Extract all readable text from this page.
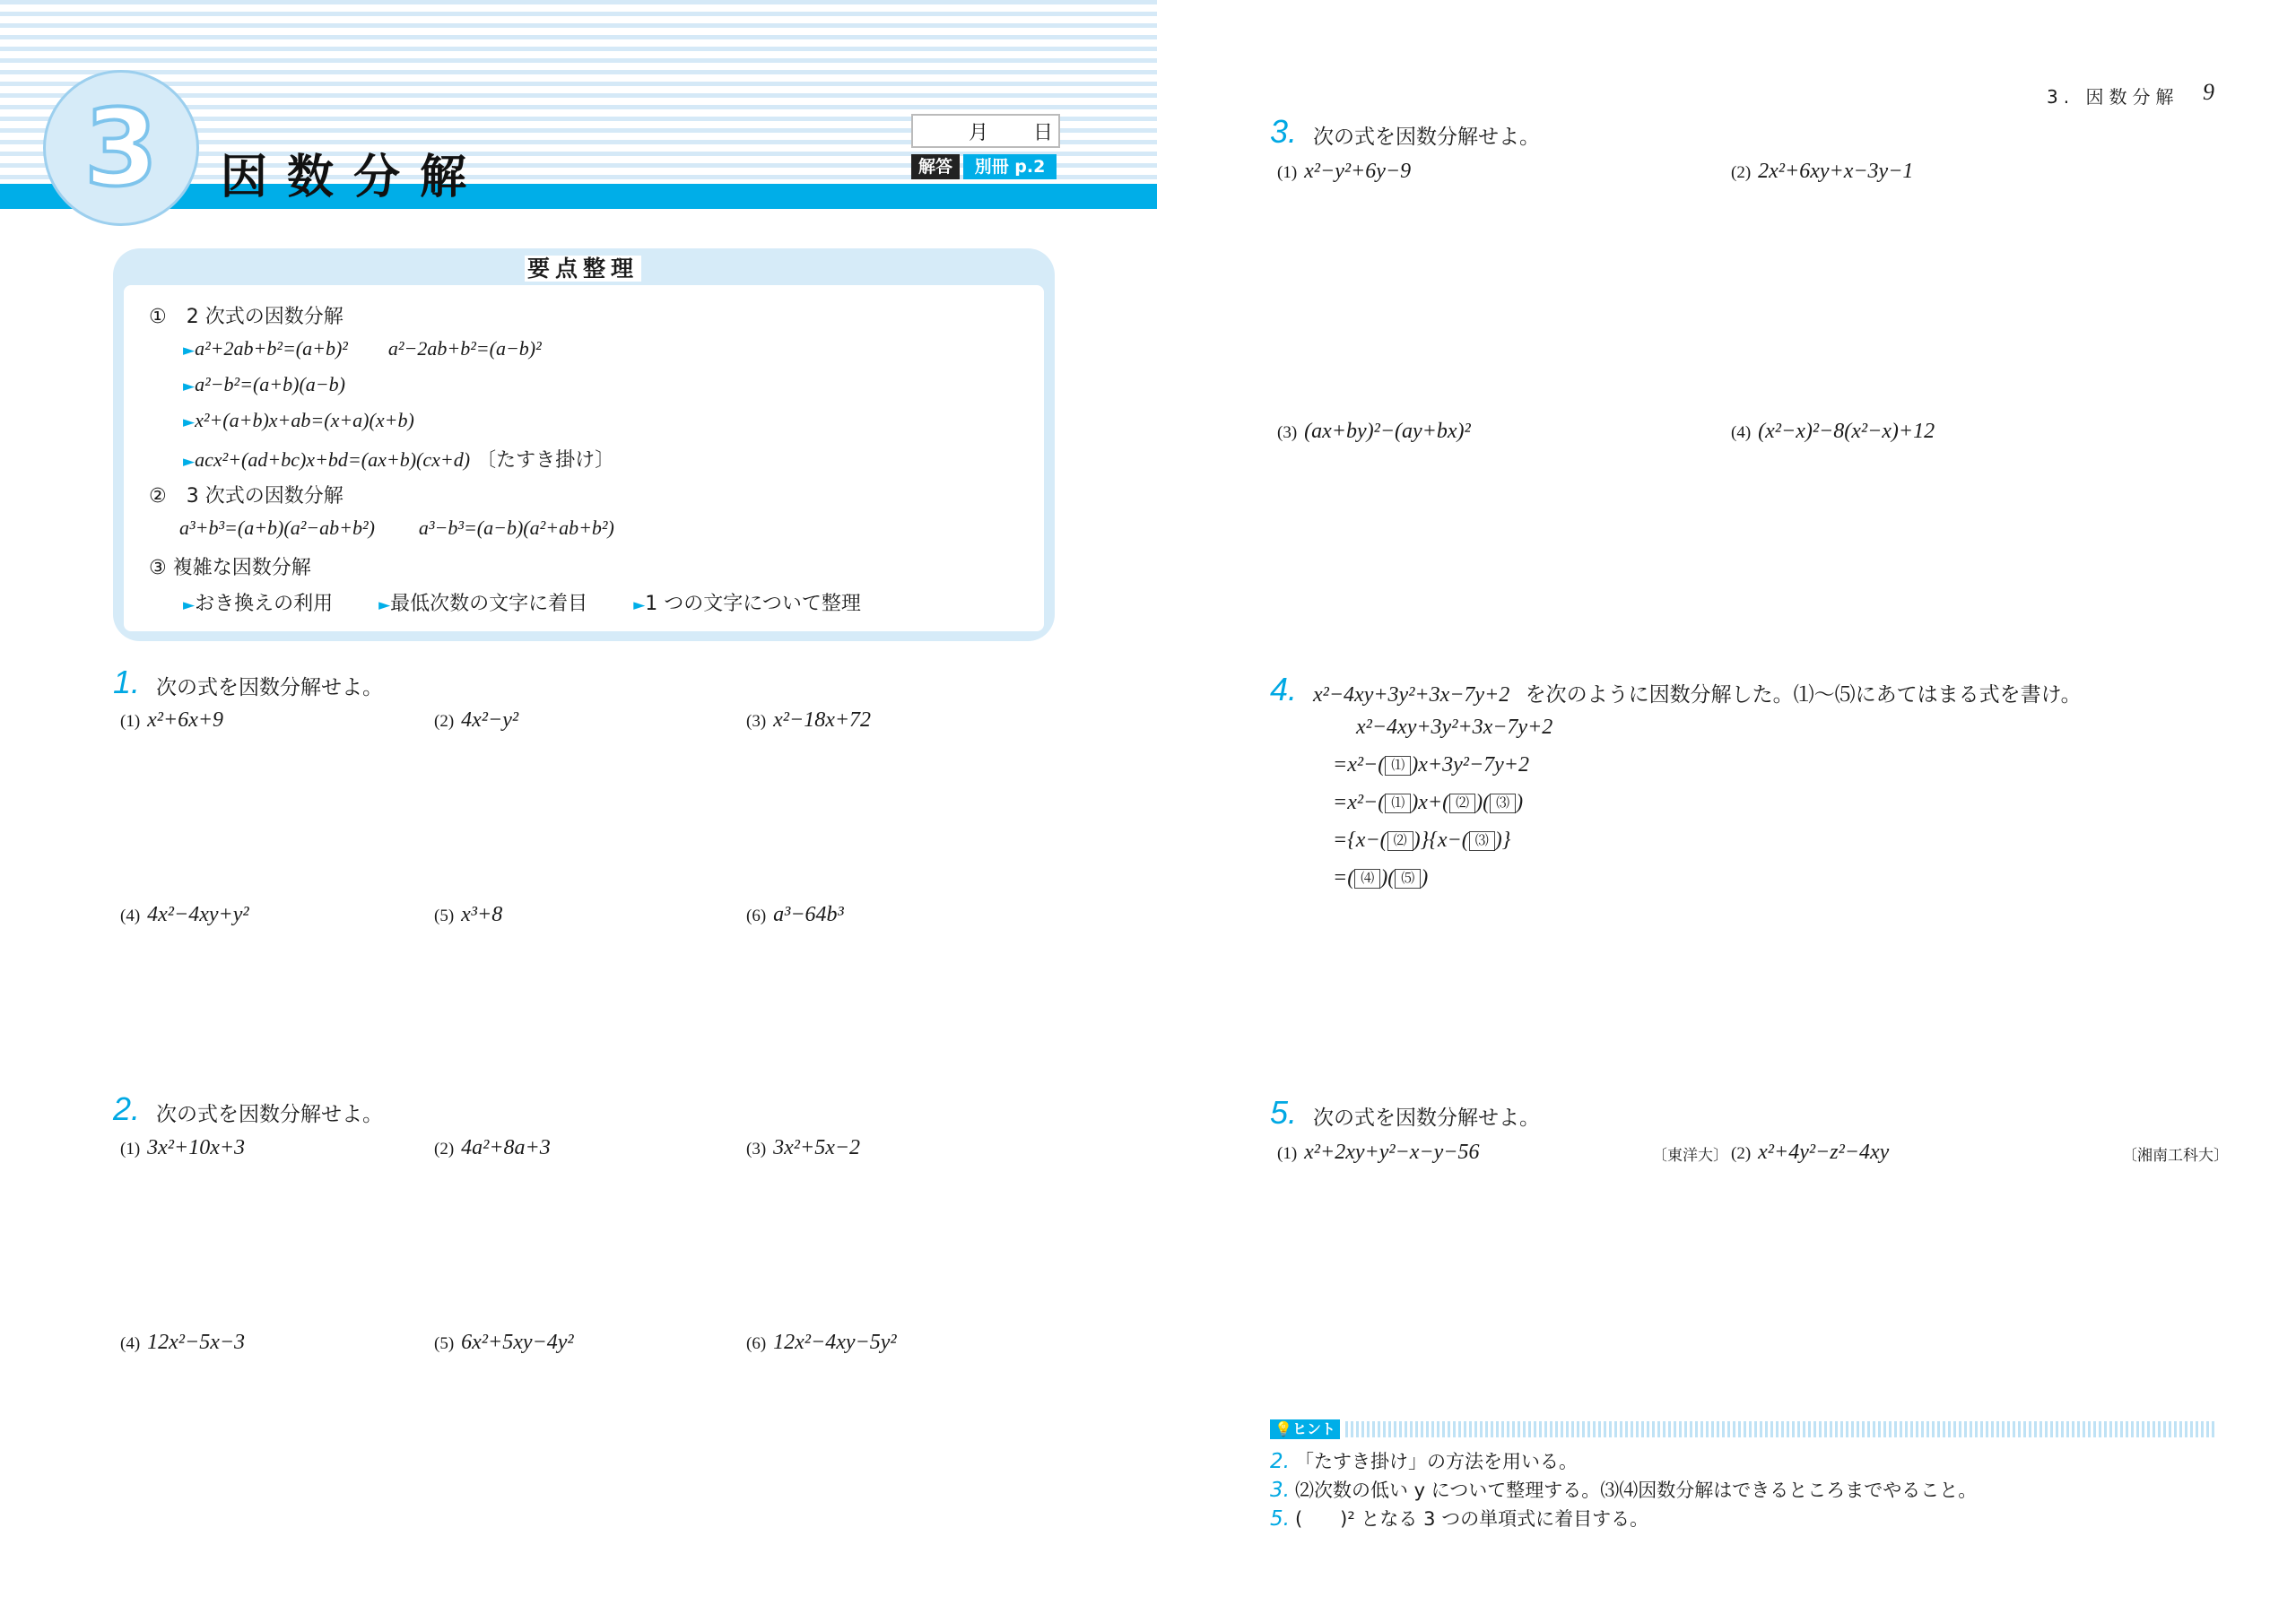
3	因数分解
月 日
解答	別冊 p.2
要点整理
①　2 次式の因数分解
►a²+2ab+b²=(a+b)² a²−2ab+b²=(a−b)²
►a²−b²=(a+b)(a−b)
►x²+(a+b)x+ab=(x+a)(x+b)
►acx²+(ad+bc)x+bd=(ax+b)(cx+d) 〔たすき掛け〕
②　3 次式の因数分解
a³+b³=(a+b)(a²−ab+b²) a³−b³=(a−b)(a²+ab+b²)
③ 複雑な因数分解
►おき換えの利用	►最低次数の文字に着目	►1 つの文字について整理
1. 次の式を因数分解せよ。
(1) x²+6x+9	(2) 4x²−y²	(3) x²−18x+72
(4) 4x²−4xy+y²	(5) x³+8	(6) a³−64b³
2. 次の式を因数分解せよ。
(1) 3x²+10x+3	(2) 4a²+8a+3	(3) 3x²+5x−2
(4) 12x²−5x−3	(5) 6x²+5xy−4y²	(6) 12x²−4xy−5y²
3. 因数分解 9
3. 次の式を因数分解せよ。
(1) x²−y²+6y−9	(2) 2x²+6xy+x−3y−1
(3) (ax+by)²−(ay+bx)²	(4) (x²−x)²−8(x²−x)+12
4. x²−4xy+3y²+3x−7y+2 を次のように因数分解した。⑴〜⑸にあてはまる式を書け。
x²−4xy+3y²+3x−7y+2
=x²−( ⑴ )x+3y²−7y+2
=x²−( ⑴ )x+( ⑵ )( ⑶ )
={x−( ⑵ )}{x−( ⑶ )}
=( ⑷ )( ⑸ )
5. 次の式を因数分解せよ。
(1) x²+2xy+y²−x−y−56	〔東洋大〕 (2) x²+4y²−z²−4xy	〔湘南工科大〕
💡ヒント
2. 「たすき掛け」の方法を用いる。
3. ⑵次数の低い y について整理する。⑶⑷因数分解はできるところまでやること。
5. (　　)² となる 3 つの単項式に着目する。
